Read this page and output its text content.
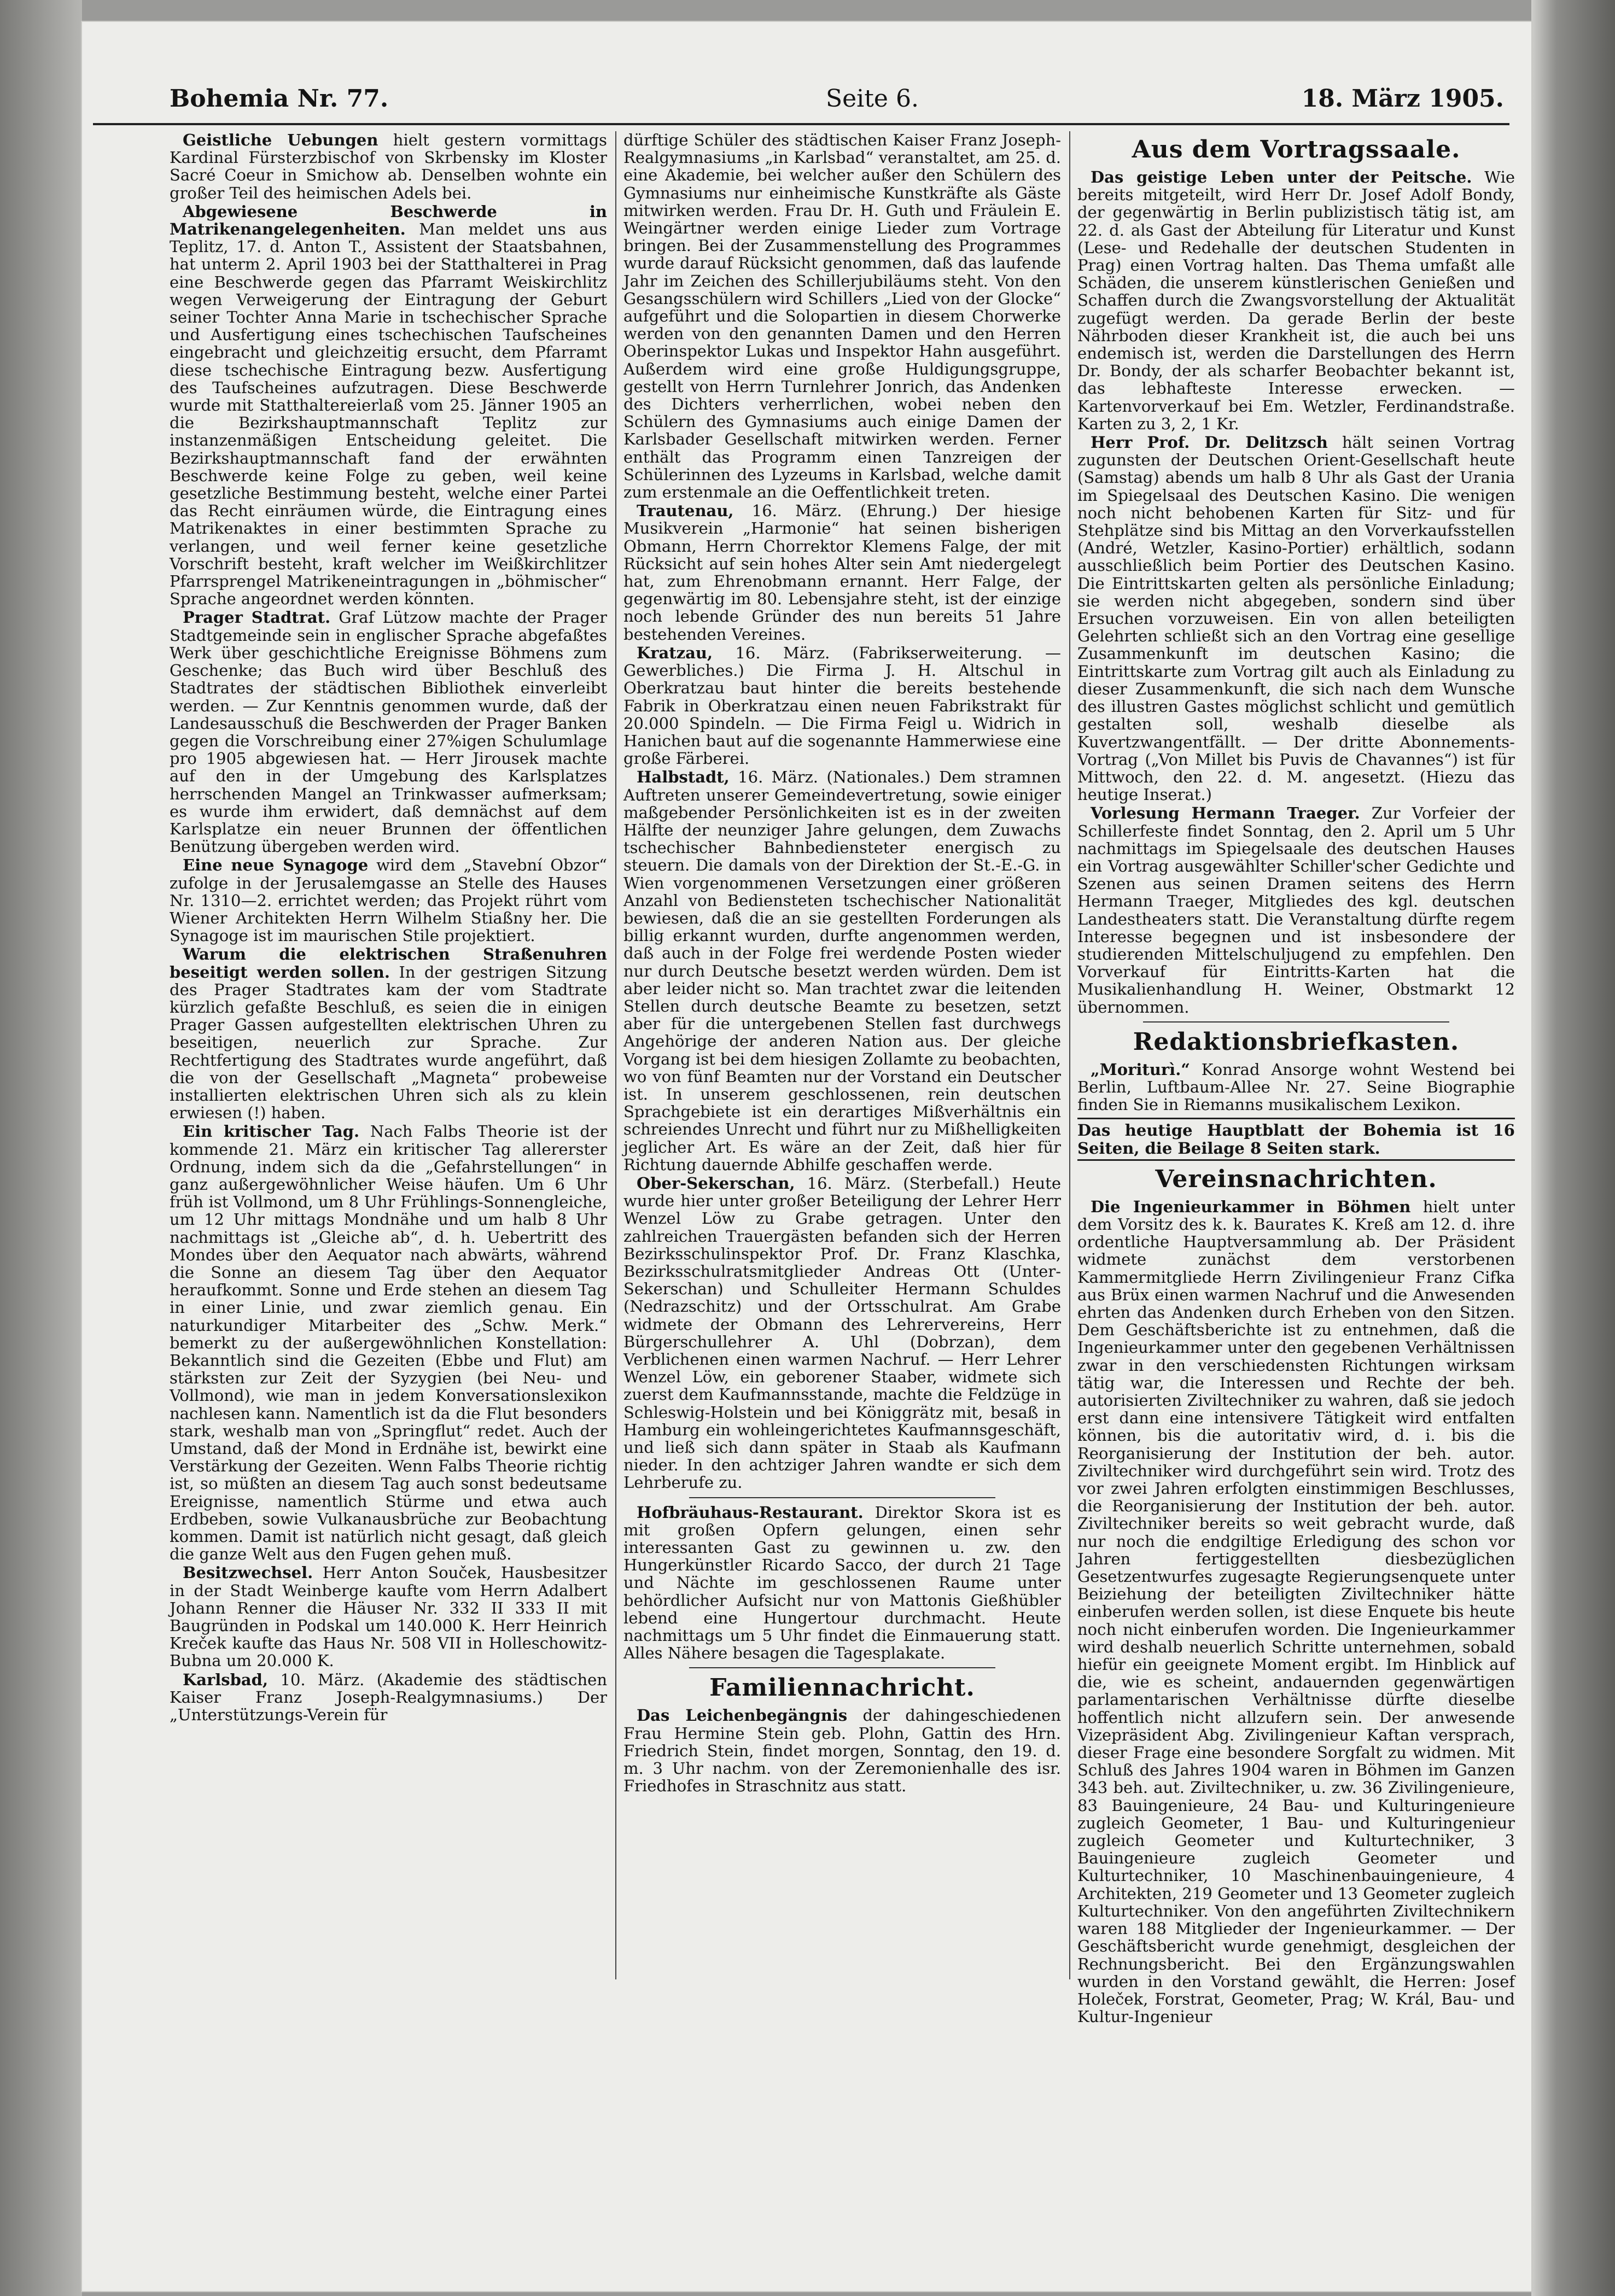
Bohemia Nr. 77.	Seite 6.	18. März 1905.

Geistliche Uebungen hielt gestern vormittags Kardinal Fürsterzbischof von Skrbensky im Kloster Sacré Coeur in Smichow ab. Denselben wohnte ein großer Teil des heimischen Adels bei.

Abgewiesene Beschwerde in Matrikenangelegenheiten. Man meldet uns aus Teplitz, 17. d. Anton T., Assistent der Staatsbahnen, hat unterm 2. April 1903 bei der Statthalterei in Prag eine Beschwerde gegen das Pfarramt Weiskirchlitz wegen Verweigerung der Eintragung der Geburt seiner Tochter Anna Marie in tschechischer Sprache und Ausfertigung eines tschechischen Taufscheines eingebracht und gleichzeitig ersucht, dem Pfarramt diese tschechische Eintragung bezw. Ausfertigung des Taufscheines aufzutragen. Diese Beschwerde wurde mit Statthaltereierlaß vom 25. Jänner 1905 an die Bezirkshauptmannschaft Teplitz zur instanzenmäßigen Entscheidung geleitet. Die Bezirkshauptmannschaft fand der erwähnten Beschwerde keine Folge zu geben, weil keine gesetzliche Bestimmung besteht, welche einer Partei das Recht einräumen würde, die Eintragung eines Matrikenaktes in einer bestimmten Sprache zu verlangen, und weil ferner keine gesetzliche Vorschrift besteht, kraft welcher im Weißkirchlitzer Pfarrsprengel Matrikeneintragungen in „böhmischer“ Sprache angeordnet werden könnten.

Prager Stadtrat. Graf Lützow machte der Prager Stadtgemeinde sein in englischer Sprache abgefaßtes Werk über geschichtliche Ereignisse Böhmens zum Geschenke; das Buch wird über Beschluß des Stadtrates der städtischen Bibliothek einverleibt werden. — Zur Kenntnis genommen wurde, daß der Landesausschuß die Beschwerden der Prager Banken gegen die Vorschreibung einer 27%igen Schulumlage pro 1905 abgewiesen hat. — Herr Jirousek machte auf den in der Umgebung des Karlsplatzes herrschenden Mangel an Trinkwasser aufmerksam; es wurde ihm erwidert, daß demnächst auf dem Karlsplatze ein neuer Brunnen der öffentlichen Benützung übergeben werden wird.

Eine neue Synagoge wird dem „Stavební Obzor“ zufolge in der Jerusalemgasse an Stelle des Hauses Nr. 1310—2. errichtet werden; das Projekt rührt vom Wiener Architekten Herrn Wilhelm Stiaßny her. Die Synagoge ist im maurischen Stile projektiert.

Warum die elektrischen Straßenuhren beseitigt werden sollen. In der gestrigen Sitzung des Prager Stadtrates kam der vom Stadtrate kürzlich gefaßte Beschluß, es seien die in einigen Prager Gassen aufgestellten elektrischen Uhren zu beseitigen, neuerlich zur Sprache. Zur Rechtfertigung des Stadtrates wurde angeführt, daß die von der Gesellschaft „Magneta“ probeweise installierten elektrischen Uhren sich als zu klein erwiesen (!) haben.

Ein kritischer Tag. Nach Falbs Theorie ist der kommende 21. März ein kritischer Tag allererster Ordnung, indem sich da die „Gefahrstellungen“ in ganz außergewöhnlicher Weise häufen. Um 6 Uhr früh ist Vollmond, um 8 Uhr Frühlings-Sonnengleiche, um 12 Uhr mittags Mondnähe und um halb 8 Uhr nachmittags ist „Gleiche ab“, d. h. Uebertritt des Mondes über den Aequator nach abwärts, während die Sonne an diesem Tag über den Aequator heraufkommt. Sonne und Erde stehen an diesem Tag in einer Linie, und zwar ziemlich genau. Ein naturkundiger Mitarbeiter des „Schw. Merk.“ bemerkt zu der außergewöhnlichen Konstellation: Bekanntlich sind die Gezeiten (Ebbe und Flut) am stärksten zur Zeit der Syzygien (bei Neu- und Vollmond), wie man in jedem Konversationslexikon nachlesen kann. Namentlich ist da die Flut besonders stark, weshalb man von „Springflut“ redet. Auch der Umstand, daß der Mond in Erdnähe ist, bewirkt eine Verstärkung der Gezeiten. Wenn Falbs Theorie richtig ist, so müßten an diesem Tag auch sonst bedeutsame Ereignisse, namentlich Stürme und etwa auch Erdbeben, sowie Vulkanausbrüche zur Beobachtung kommen. Damit ist natürlich nicht gesagt, daß gleich die ganze Welt aus den Fugen gehen muß.

Besitzwechsel. Herr Anton Souček, Hausbesitzer in der Stadt Weinberge kaufte vom Herrn Adalbert Johann Renner die Häuser Nr. 332 II 333 II mit Baugründen in Podskal um 140.000 K. Herr Heinrich Kreček kaufte das Haus Nr. 508 VII in Holleschowitz-Bubna um 20.000 K.

Karlsbad, 10. März. (Akademie des städtischen Kaiser Franz Joseph-Realgymnasiums.) Der „Unterstützungs-Verein für

dürftige Schüler des städtischen Kaiser Franz Joseph-Realgymnasiums „in Karlsbad“ veranstaltet, am 25. d. eine Akademie, bei welcher außer den Schülern des Gymnasiums nur einheimische Kunstkräfte als Gäste mitwirken werden. Frau Dr. H. Guth und Fräulein E. Weingärtner werden einige Lieder zum Vortrage bringen. Bei der Zusammenstellung des Programmes wurde darauf Rücksicht genommen, daß das laufende Jahr im Zeichen des Schillerjubiläums steht. Von den Gesangsschülern wird Schillers „Lied von der Glocke“ aufgeführt und die Solopartien in diesem Chorwerke werden von den genannten Damen und den Herren Oberinspektor Lukas und Inspektor Hahn ausgeführt. Außerdem wird eine große Huldigungsgruppe, gestellt von Herrn Turnlehrer Jonrich, das Andenken des Dichters verherrlichen, wobei neben den Schülern des Gymnasiums auch einige Damen der Karlsbader Gesellschaft mitwirken werden. Ferner enthält das Programm einen Tanzreigen der Schülerinnen des Lyzeums in Karlsbad, welche damit zum erstenmale an die Oeffentlichkeit treten.

Trautenau, 16. März. (Ehrung.) Der hiesige Musikverein „Harmonie“ hat seinen bisherigen Obmann, Herrn Chorrektor Klemens Falge, der mit Rücksicht auf sein hohes Alter sein Amt niedergelegt hat, zum Ehrenobmann ernannt. Herr Falge, der gegenwärtig im 80. Lebensjahre steht, ist der einzige noch lebende Gründer des nun bereits 51 Jahre bestehenden Vereines.

Kratzau, 16. März. (Fabrikserweiterung. — Gewerbliches.) Die Firma J. H. Altschul in Oberkratzau baut hinter die bereits bestehende Fabrik in Oberkratzau einen neuen Fabrikstrakt für 20.000 Spindeln. — Die Firma Feigl u. Widrich in Hanichen baut auf die sogenannte Hammerwiese eine große Färberei.

Halbstadt, 16. März. (Nationales.) Dem stramnen Auftreten unserer Gemeindevertretung, sowie einiger maßgebender Persönlichkeiten ist es in der zweiten Hälfte der neunziger Jahre gelungen, dem Zuwachs tschechischer Bahnbediensteter energisch zu steuern. Die damals von der Direktion der St.-E.-G. in Wien vorgenommenen Versetzungen einer größeren Anzahl von Bediensteten tschechischer Nationalität bewiesen, daß die an sie gestellten Forderungen als billig erkannt wurden, durfte angenommen werden, daß auch in der Folge frei werdende Posten wieder nur durch Deutsche besetzt werden würden. Dem ist aber leider nicht so. Man trachtet zwar die leitenden Stellen durch deutsche Beamte zu besetzen, setzt aber für die untergebenen Stellen fast durchwegs Angehörige der anderen Nation aus. Der gleiche Vorgang ist bei dem hiesigen Zollamte zu beobachten, wo von fünf Beamten nur der Vorstand ein Deutscher ist. In unserem geschlossenen, rein deutschen Sprachgebiete ist ein derartiges Mißverhältnis ein schreiendes Unrecht und führt nur zu Mißhelligkeiten jeglicher Art. Es wäre an der Zeit, daß hier für Richtung dauernde Abhilfe geschaffen werde.

Ober-Sekerschan, 16. März. (Sterbefall.) Heute wurde hier unter großer Beteiligung der Lehrer Herr Wenzel Löw zu Grabe getragen. Unter den zahlreichen Trauergästen befanden sich der Herren Bezirksschulinspektor Prof. Dr. Franz Klaschka, Bezirksschulratsmitglieder Andreas Ott (Unter-Sekerschan) und Schulleiter Hermann Schuldes (Nedrazschitz) und der Ortsschulrat. Am Grabe widmete der Obmann des Lehrervereins, Herr Bürgerschullehrer A. Uhl (Dobrzan), dem Verblichenen einen warmen Nachruf. — Herr Lehrer Wenzel Löw, ein geborener Staaber, widmete sich zuerst dem Kaufmannsstande, machte die Feldzüge in Schleswig-Holstein und bei Königgrätz mit, besaß in Hamburg ein wohleingerichtetes Kaufmannsgeschäft, und ließ sich dann später in Staab als Kaufmann nieder. In den achtziger Jahren wandte er sich dem Lehrberufe zu.

Hofbräuhaus-Restaurant. Direktor Skora ist es mit großen Opfern gelungen, einen sehr interessanten Gast zu gewinnen u. zw. den Hungerkünstler Ricardo Sacco, der durch 21 Tage und Nächte im geschlossenen Raume unter behördlicher Aufsicht nur von Mattonis Gießhübler lebend eine Hungertour durchmacht. Heute nachmittags um 5 Uhr findet die Einmauerung statt. Alles Nähere besagen die Tagesplakate.

Familiennachricht.

Das Leichenbegängnis der dahingeschiedenen Frau Hermine Stein geb. Plohn, Gattin des Hrn. Friedrich Stein, findet morgen, Sonntag, den 19. d. m. 3 Uhr nachm. von der Zeremonienhalle des isr. Friedhofes in Straschnitz aus statt.

Aus dem Vortragssaale.

Das geistige Leben unter der Peitsche. Wie bereits mitgeteilt, wird Herr Dr. Josef Adolf Bondy, der gegenwärtig in Berlin publizistisch tätig ist, am 22. d. als Gast der Abteilung für Literatur und Kunst (Lese- und Redehalle der deutschen Studenten in Prag) einen Vortrag halten. Das Thema umfaßt alle Schäden, die unserem künstlerischen Genießen und Schaffen durch die Zwangsvorstellung der Aktualität zugefügt werden. Da gerade Berlin der beste Nährboden dieser Krankheit ist, die auch bei uns endemisch ist, werden die Darstellungen des Herrn Dr. Bondy, der als scharfer Beobachter bekannt ist, das lebhafteste Interesse erwecken. — Kartenvorverkauf bei Em. Wetzler, Ferdinandstraße. Karten zu 3, 2, 1 Kr.

Herr Prof. Dr. Delitzsch hält seinen Vortrag zugunsten der Deutschen Orient-Gesellschaft heute (Samstag) abends um halb 8 Uhr als Gast der Urania im Spiegelsaal des Deutschen Kasino. Die wenigen noch nicht behobenen Karten für Sitz- und für Stehplätze sind bis Mittag an den Vorverkaufsstellen (André, Wetzler, Kasino-Portier) erhältlich, sodann ausschließlich beim Portier des Deutschen Kasino. Die Eintrittskarten gelten als persönliche Einladung; sie werden nicht abgegeben, sondern sind über Ersuchen vorzuweisen. Ein von allen beteiligten Gelehrten schließt sich an den Vortrag eine gesellige Zusammenkunft im deutschen Kasino; die Eintrittskarte zum Vortrag gilt auch als Einladung zu dieser Zusammenkunft, die sich nach dem Wunsche des illustren Gastes möglichst schlicht und gemütlich gestalten soll, weshalb dieselbe als Kuvertzwangentfällt. — Der dritte Abonnements-Vortrag („Von Millet bis Puvis de Chavannes“) ist für Mittwoch, den 22. d. M. angesetzt. (Hiezu das heutige Inserat.)

Vorlesung Hermann Traeger. Zur Vorfeier der Schillerfeste findet Sonntag, den 2. April um 5 Uhr nachmittags im Spiegelsaale des deutschen Hauses ein Vortrag ausgewählter Schiller'scher Gedichte und Szenen aus seinen Dramen seitens des Herrn Hermann Traeger, Mitgliedes des kgl. deutschen Landestheaters statt. Die Veranstaltung dürfte regem Interesse begegnen und ist insbesondere der studierenden Mittelschuljugend zu empfehlen. Den Vorverkauf für Eintritts-Karten hat die Musikalienhandlung H. Weiner, Obstmarkt 12 übernommen.

Redaktionsbriefkasten.

„Moriturì.“ Konrad Ansorge wohnt Westend bei Berlin, Luftbaum-Allee Nr. 27. Seine Biographie finden Sie in Riemanns musikalischem Lexikon.

Das heutige Hauptblatt der Bohemia ist 16 Seiten, die Beilage 8 Seiten stark.

Vereinsnachrichten.

Die Ingenieurkammer in Böhmen hielt unter dem Vorsitz des k. k. Baurates K. Kreß am 12. d. ihre ordentliche Hauptversammlung ab. Der Präsident widmete zunächst dem verstorbenen Kammermitgliede Herrn Zivilingenieur Franz Cifka aus Brüx einen warmen Nachruf und die Anwesenden ehrten das Andenken durch Erheben von den Sitzen. Dem Geschäftsberichte ist zu entnehmen, daß die Ingenieurkammer unter den gegebenen Verhältnissen zwar in den verschiedensten Richtungen wirksam tätig war, die Interessen und Rechte der beh. autorisierten Ziviltechniker zu wahren, daß sie jedoch erst dann eine intensivere Tätigkeit wird entfalten können, bis die autoritativ wird, d. i. bis die Reorganisierung der Institution der beh. autor. Ziviltechniker wird durchgeführt sein wird. Trotz des vor zwei Jahren erfolgten einstimmigen Beschlusses, die Reorganisierung der Institution der beh. autor. Ziviltechniker bereits so weit gebracht wurde, daß nur noch die endgiltige Erledigung des schon vor Jahren fertiggestellten diesbezüglichen Gesetzentwurfes zugesagte Regierungsenquete unter Beiziehung der beteiligten Ziviltechniker hätte einberufen werden sollen, ist diese Enquete bis heute noch nicht einberufen worden. Die Ingenieurkammer wird deshalb neuerlich Schritte unternehmen, sobald hiefür ein geeignete Moment ergibt. Im Hinblick auf die, wie es scheint, andauernden gegenwärtigen parlamentarischen Verhältnisse dürfte dieselbe hoffentlich nicht allzufern sein. Der anwesende Vizepräsident Abg. Zivilingenieur Kaftan versprach, dieser Frage eine besondere Sorgfalt zu widmen. Mit Schluß des Jahres 1904 waren in Böhmen im Ganzen 343 beh. aut. Ziviltechniker, u. zw. 36 Zivilingenieure, 83 Bauingenieure, 24 Bau- und Kulturingenieure zugleich Geometer, 1 Bau- und Kulturingenieur zugleich Geometer und Kulturtechniker, 3 Bauingenieure zugleich Geometer und Kulturtechniker, 10 Maschinenbauingenieure, 4 Architekten, 219 Geometer und 13 Geometer zugleich Kulturtechniker. Von den angeführten Ziviltechnikern waren 188 Mitglieder der Ingenieurkammer. — Der Geschäftsbericht wurde genehmigt, desgleichen der Rechnungsbericht. Bei den Ergänzungswahlen wurden in den Vorstand gewählt, die Herren: Josef Holeček, Forstrat, Geometer, Prag; W. Král, Bau- und Kultur-Ingenieur
